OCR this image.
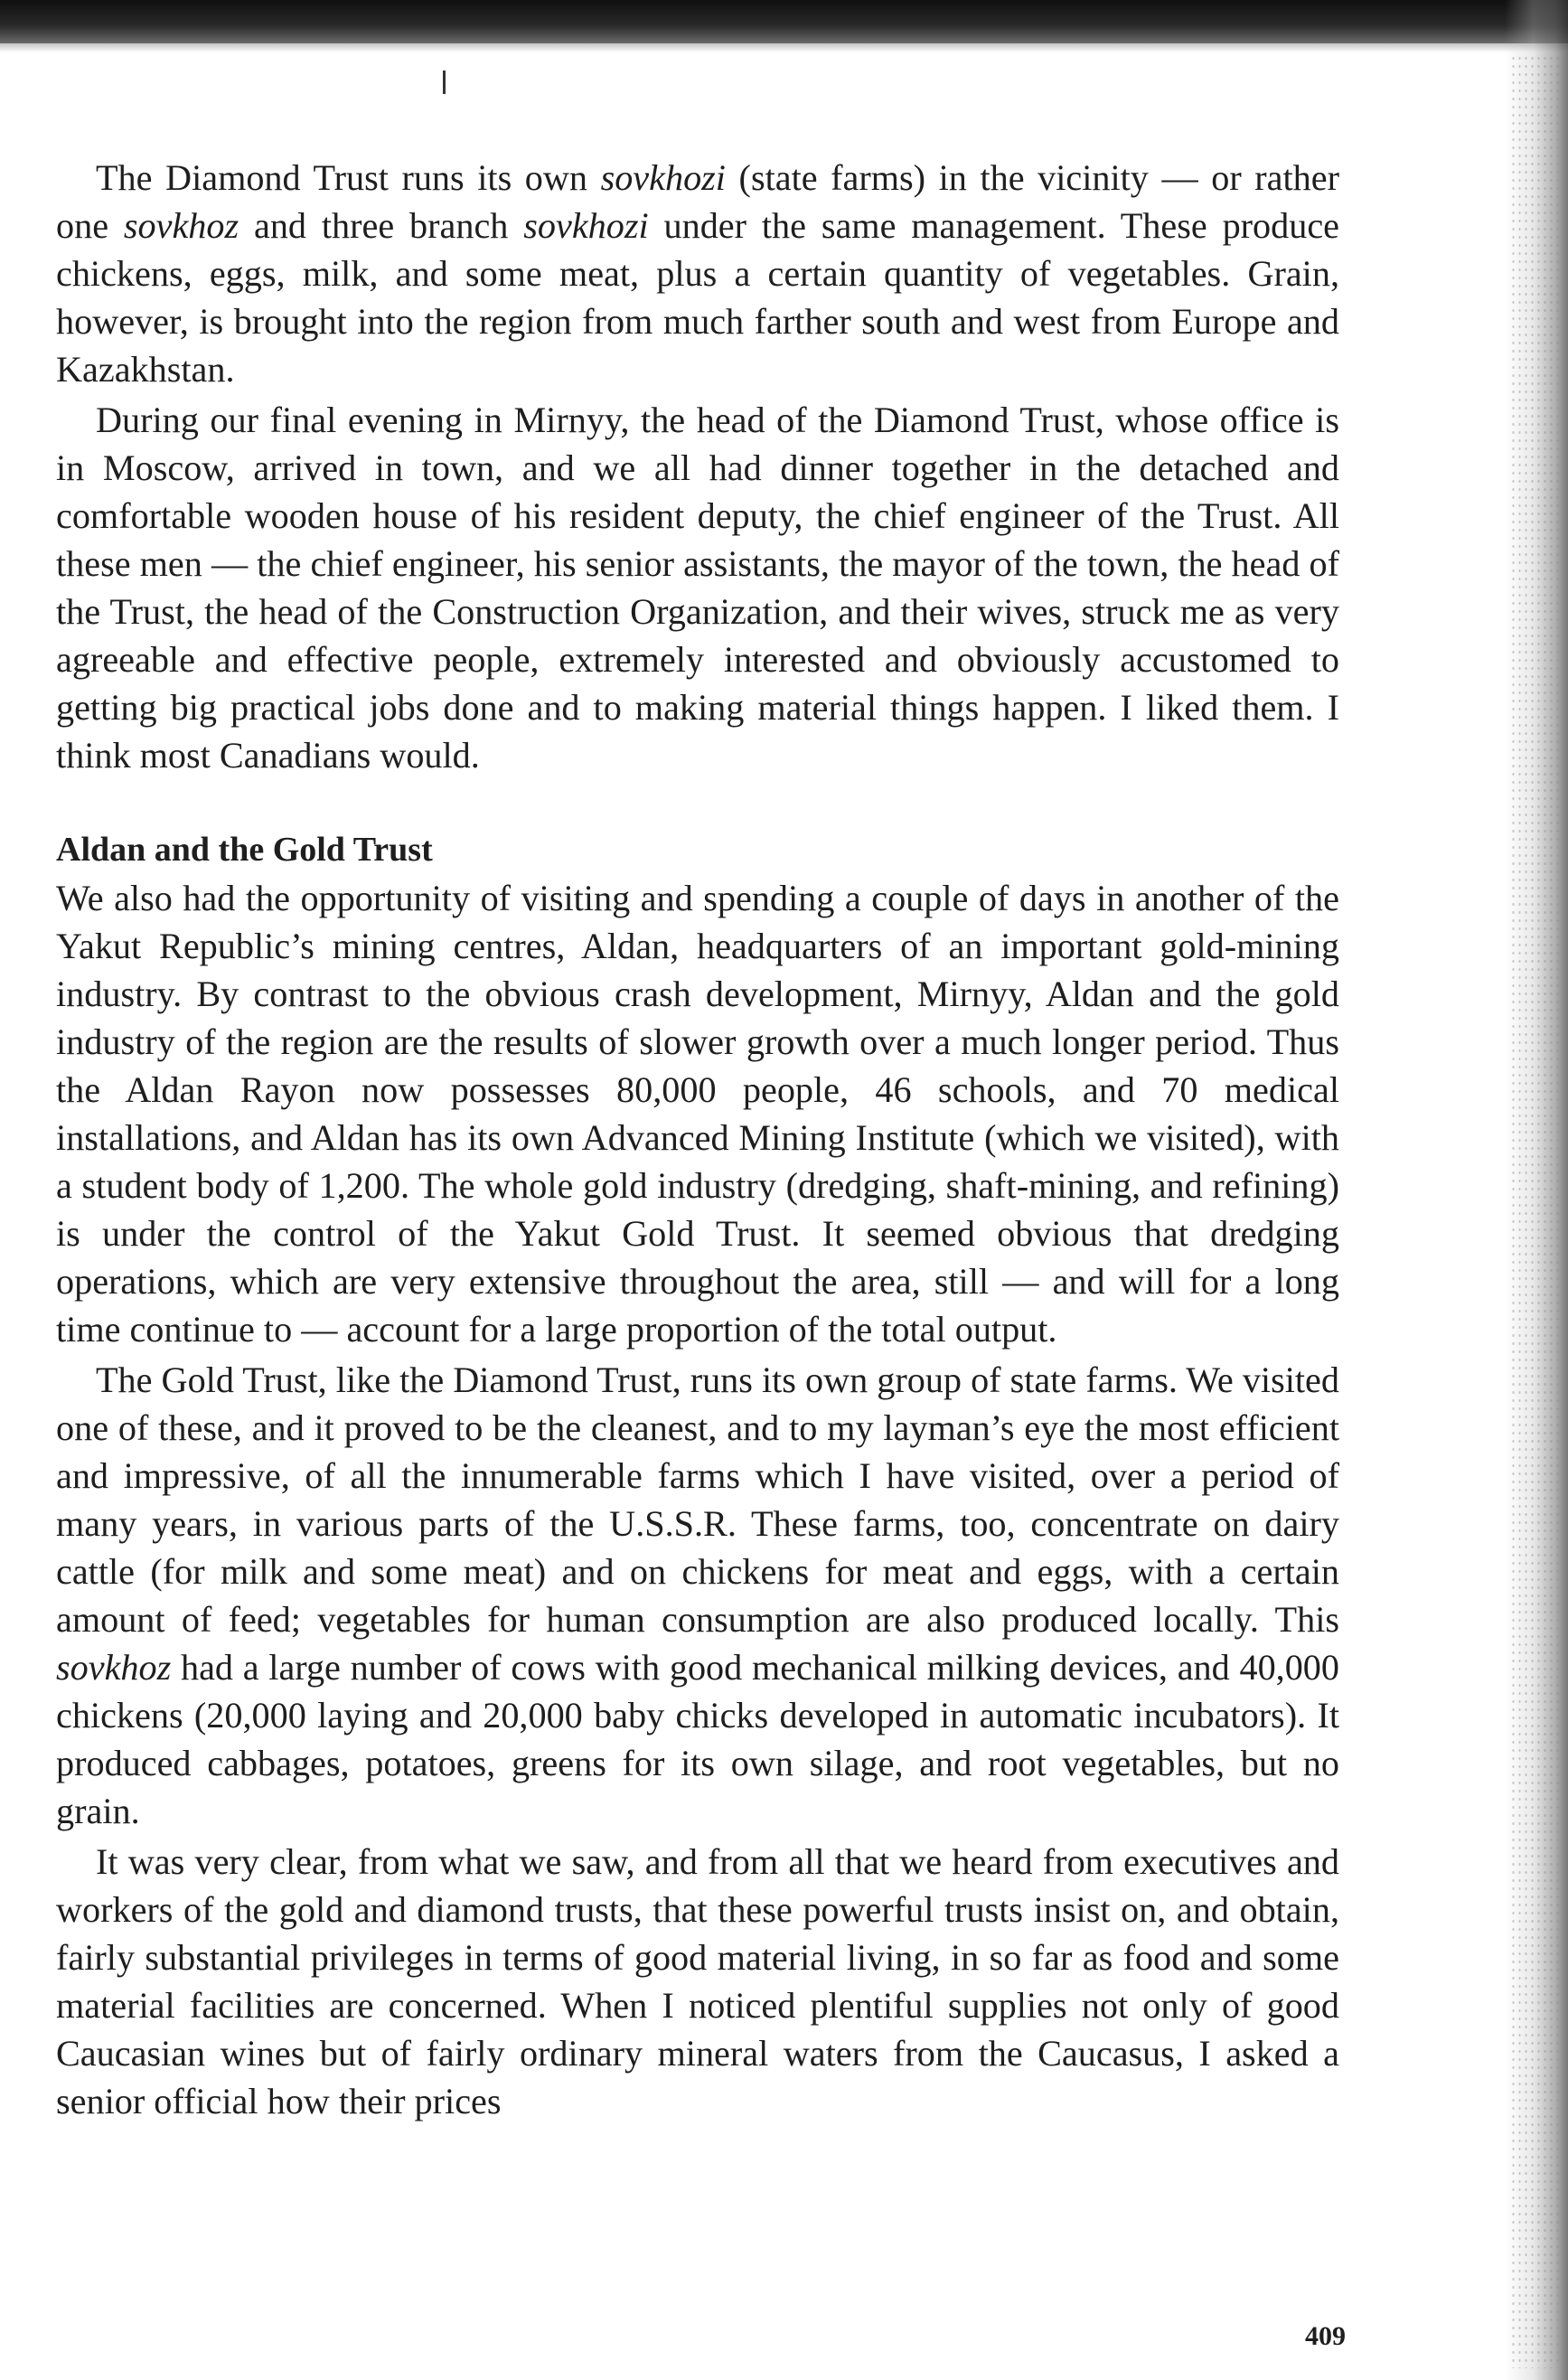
The Diamond Trust runs its own sovkhozi (state farms) in the vicinity — or rather one sovkhoz and three branch sovkhozi under the same management. These produce chickens, eggs, milk, and some meat, plus a certain quantity of vegetables. Grain, however, is brought into the region from much farther south and west from Europe and Kazakhstan.

During our final evening in Mirnyy, the head of the Diamond Trust, whose office is in Moscow, arrived in town, and we all had dinner together in the detached and comfortable wooden house of his resident deputy, the chief engineer of the Trust. All these men — the chief engineer, his senior assistants, the mayor of the town, the head of the Trust, the head of the Construction Organization, and their wives, struck me as very agreeable and effective people, extremely interested and obviously accustomed to getting big practical jobs done and to making material things happen. I liked them. I think most Canadians would.

Aldan and the Gold Trust

We also had the opportunity of visiting and spending a couple of days in another of the Yakut Republic’s mining centres, Aldan, headquarters of an important gold-mining industry. By contrast to the obvious crash development, Mirnyy, Aldan and the gold industry of the region are the results of slower growth over a much longer period. Thus the Aldan Rayon now possesses 80,000 people, 46 schools, and 70 medical installations, and Aldan has its own Advanced Mining Institute (which we visited), with a student body of 1,200. The whole gold industry (dredging, shaft-mining, and refining) is under the control of the Yakut Gold Trust. It seemed obvious that dredging operations, which are very extensive throughout the area, still — and will for a long time continue to — account for a large proportion of the total output.

The Gold Trust, like the Diamond Trust, runs its own group of state farms. We visited one of these, and it proved to be the cleanest, and to my layman’s eye the most efficient and impressive, of all the innumerable farms which I have visited, over a period of many years, in various parts of the U.S.S.R. These farms, too, concentrate on dairy cattle (for milk and some meat) and on chickens for meat and eggs, with a certain amount of feed; vegetables for human consumption are also produced locally. This sovkhoz had a large number of cows with good mechanical milking devices, and 40,000 chickens (20,000 laying and 20,000 baby chicks developed in automatic incubators). It produced cabbages, potatoes, greens for its own silage, and root vegetables, but no grain.

It was very clear, from what we saw, and from all that we heard from executives and workers of the gold and diamond trusts, that these powerful trusts insist on, and obtain, fairly substantial privileges in terms of good material living, in so far as food and some material facilities are concerned. When I noticed plentiful supplies not only of good Caucasian wines but of fairly ordinary mineral waters from the Caucasus, I asked a senior official how their prices

409
